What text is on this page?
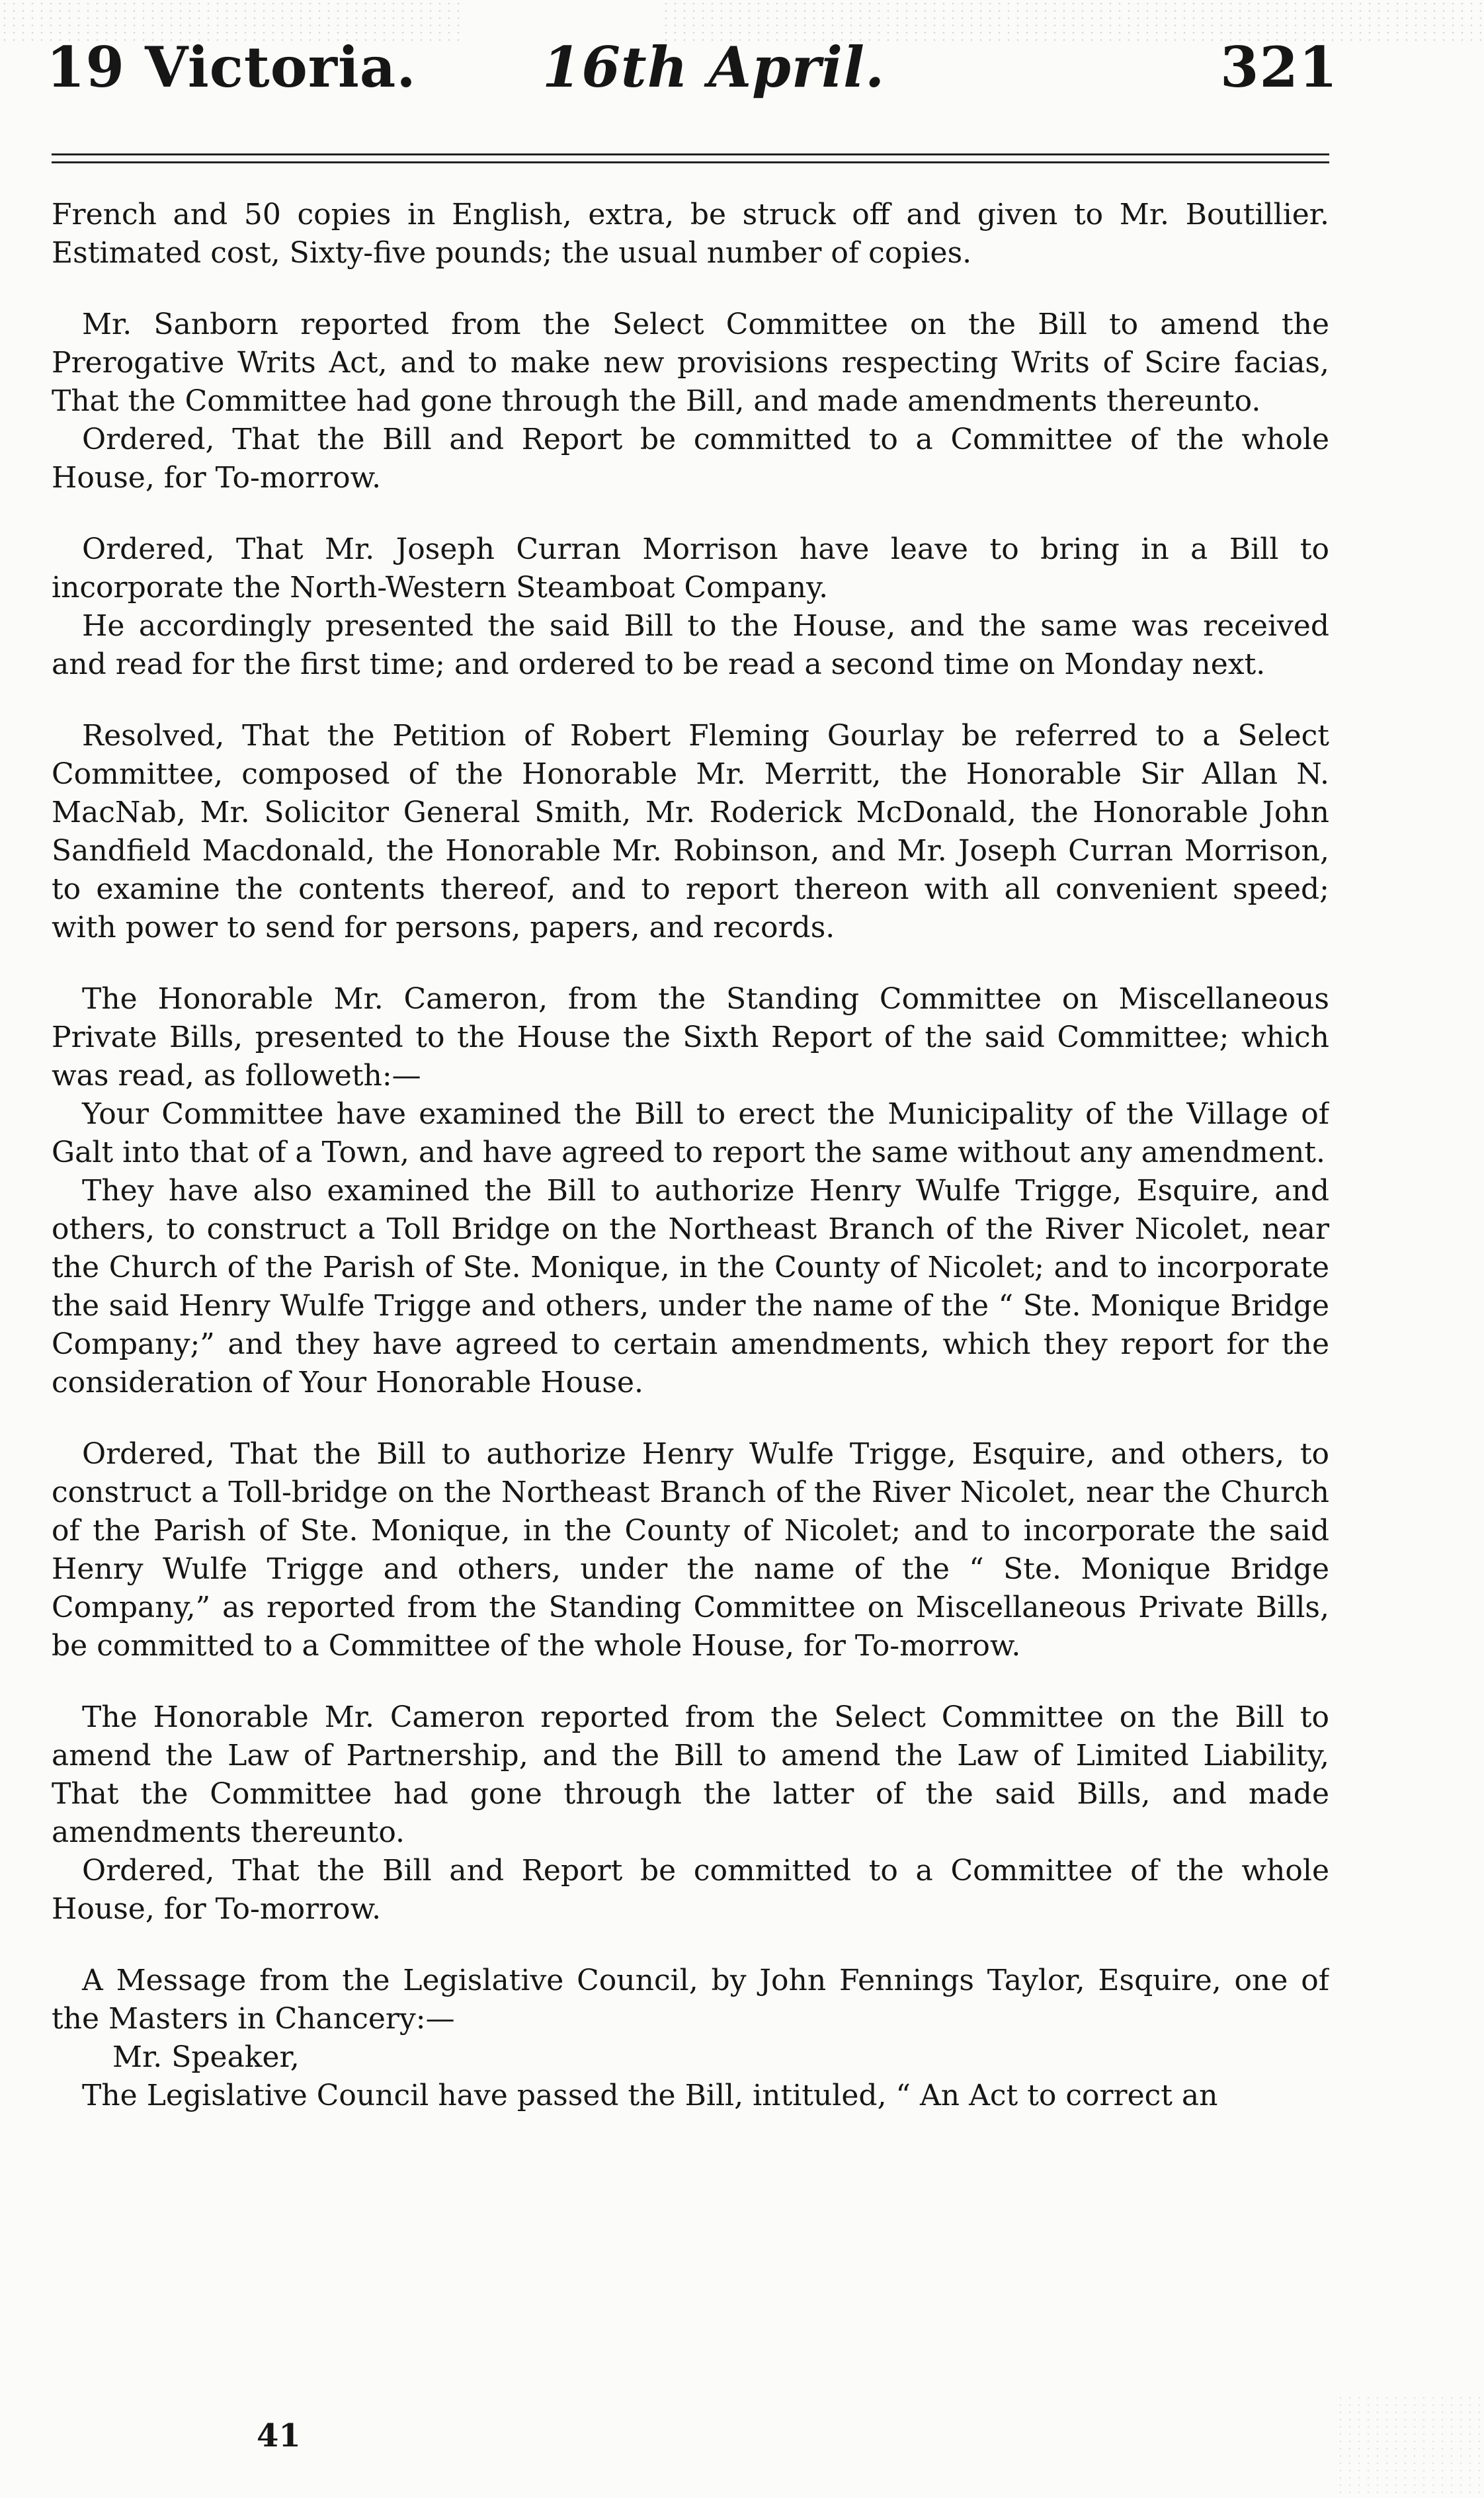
19 Victoria. 16th April.	321

French and 50 copies in English, extra, be struck off and given to Mr. Boutillier. Estimated cost, Sixty-five pounds; the usual number of copies.

Mr. Sanborn reported from the Select Committee on the Bill to amend the Prerogative Writs Act, and to make new provisions respecting Writs of Scire facias, That the Committee had gone through the Bill, and made amendments thereunto.

Ordered, That the Bill and Report be committed to a Committee of the whole House, for To-morrow.

Ordered, That Mr. Joseph Curran Morrison have leave to bring in a Bill to incorporate the North-Western Steamboat Company.

He accordingly presented the said Bill to the House, and the same was received and read for the first time; and ordered to be read a second time on Monday next.

Resolved, That the Petition of Robert Fleming Gourlay be referred to a Select Committee, composed of the Honorable Mr. Merritt, the Honorable Sir Allan N. MacNab, Mr. Solicitor General Smith, Mr. Roderick McDonald, the Honorable John Sandfield Macdonald, the Honorable Mr. Robinson, and Mr. Joseph Curran Morrison, to examine the contents thereof, and to report thereon with all convenient speed; with power to send for persons, papers, and records.

The Honorable Mr. Cameron, from the Standing Committee on Miscellaneous Private Bills, presented to the House the Sixth Report of the said Committee; which was read, as followeth:—

Your Committee have examined the Bill to erect the Municipality of the Village of Galt into that of a Town, and have agreed to report the same without any amendment.

They have also examined the Bill to authorize Henry Wulfe Trigge, Esquire, and others, to construct a Toll Bridge on the Northeast Branch of the River Nicolet, near the Church of the Parish of Ste. Monique, in the County of Nicolet; and to incorporate the said Henry Wulfe Trigge and others, under the name of the “ Ste. Monique Bridge Company;” and they have agreed to certain amendments, which they report for the consideration of Your Honorable House.

Ordered, That the Bill to authorize Henry Wulfe Trigge, Esquire, and others, to construct a Toll-bridge on the Northeast Branch of the River Nicolet, near the Church of the Parish of Ste. Monique, in the County of Nicolet; and to incorporate the said Henry Wulfe Trigge and others, under the name of the “ Ste. Monique Bridge Company,” as reported from the Standing Committee on Miscellaneous Private Bills, be committed to a Committee of the whole House, for To-morrow.

The Honorable Mr. Cameron reported from the Select Committee on the Bill to amend the Law of Partnership, and the Bill to amend the Law of Limited Liability, That the Committee had gone through the latter of the said Bills, and made amendments thereunto.

Ordered, That the Bill and Report be committed to a Committee of the whole House, for To-morrow.

A Message from the Legislative Council, by John Fennings Taylor, Esquire, one of the Masters in Chancery:—

Mr. Speaker,

The Legislative Council have passed the Bill, intituled, “ An Act to correct an

41
